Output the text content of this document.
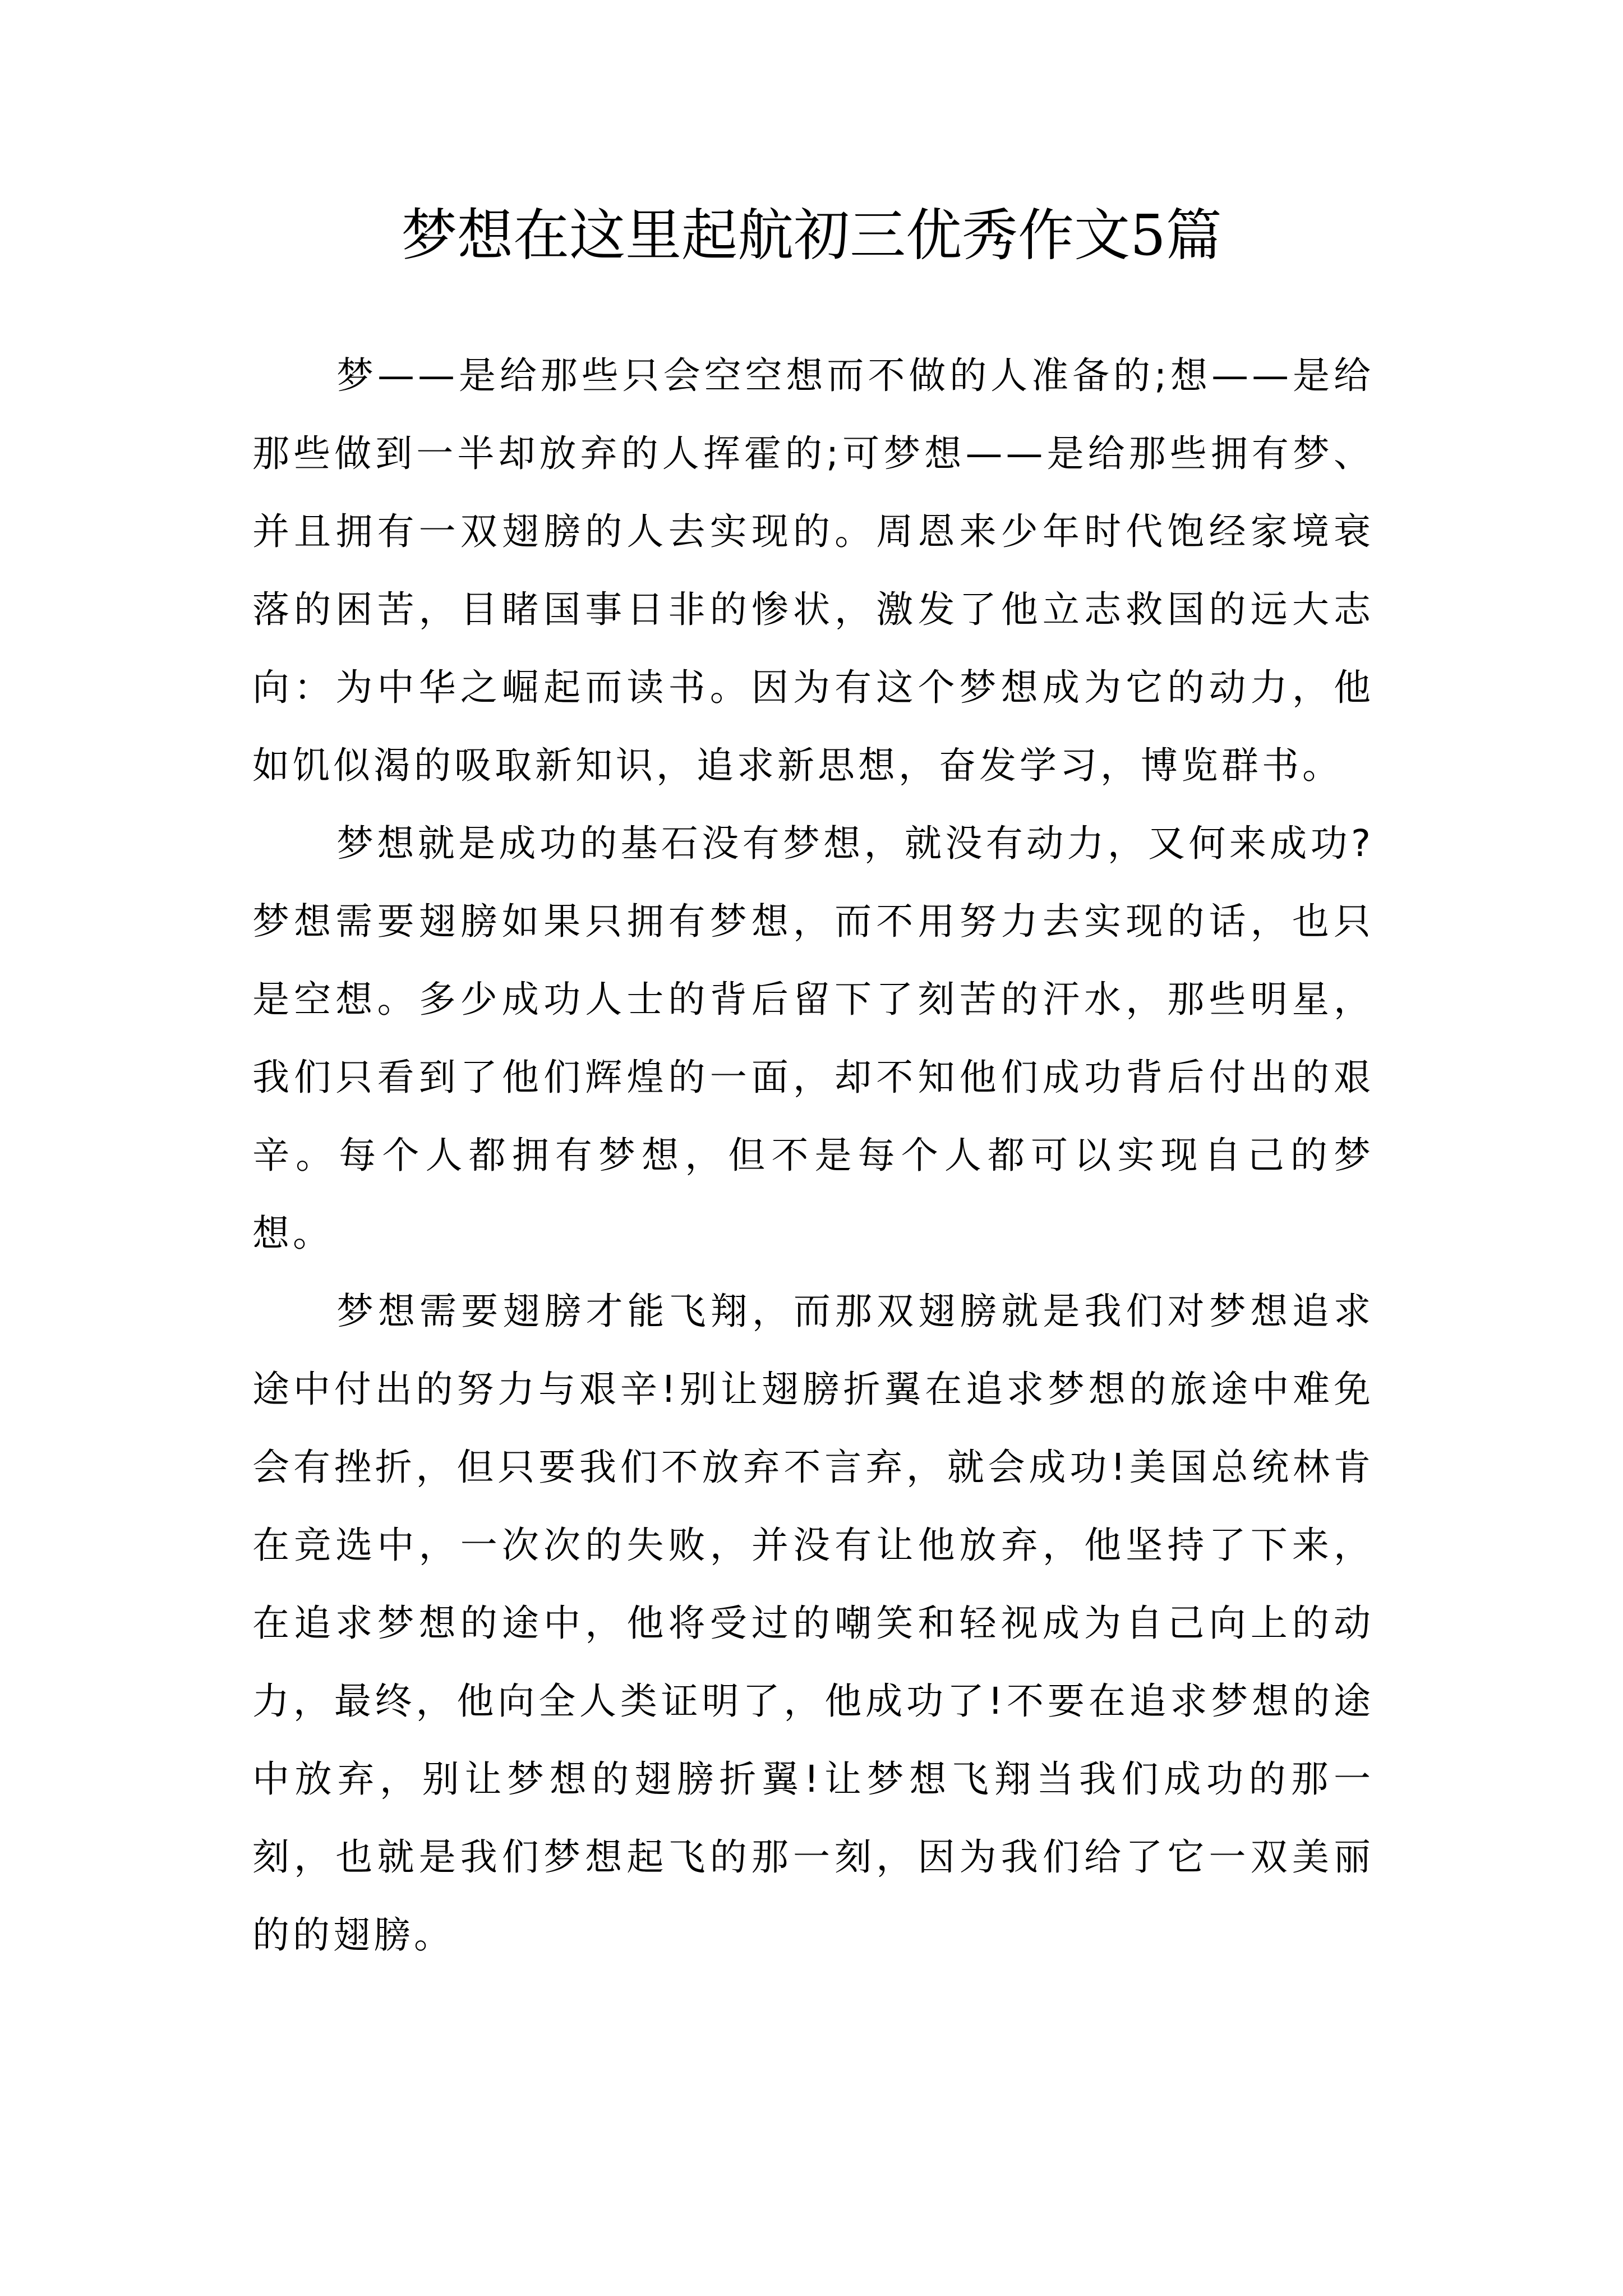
梦想在这里起航初三优秀作文5篇

梦——是给那些只会空空想而不做的人准备的;想——是给那些做到一半却放弃的人挥霍的;可梦想——是给那些拥有梦、并且拥有一双翅膀的人去实现的。周恩来少年时代饱经家境衰落的困苦，目睹国事日非的惨状，激发了他立志救国的远大志向：为中华之崛起而读书。因为有这个梦想成为它的动力，他如饥似渴的吸取新知识，追求新思想，奋发学习，博览群书。

梦想就是成功的基石没有梦想，就没有动力，又何来成功?梦想需要翅膀如果只拥有梦想，而不用努力去实现的话，也只是空想。多少成功人士的背后留下了刻苦的汗水，那些明星，我们只看到了他们辉煌的一面，却不知他们成功背后付出的艰辛。每个人都拥有梦想，但不是每个人都可以实现自己的梦想。

梦想需要翅膀才能飞翔，而那双翅膀就是我们对梦想追求途中付出的努力与艰辛!别让翅膀折翼在追求梦想的旅途中难免会有挫折，但只要我们不放弃不言弃，就会成功!美国总统林肯在竞选中，一次次的失败，并没有让他放弃，他坚持了下来，在追求梦想的途中，他将受过的嘲笑和轻视成为自己向上的动力，最终，他向全人类证明了，他成功了!不要在追求梦想的途中放弃，别让梦想的翅膀折翼!让梦想飞翔当我们成功的那一刻，也就是我们梦想起飞的那一刻，因为我们给了它一双美丽的的翅膀。
